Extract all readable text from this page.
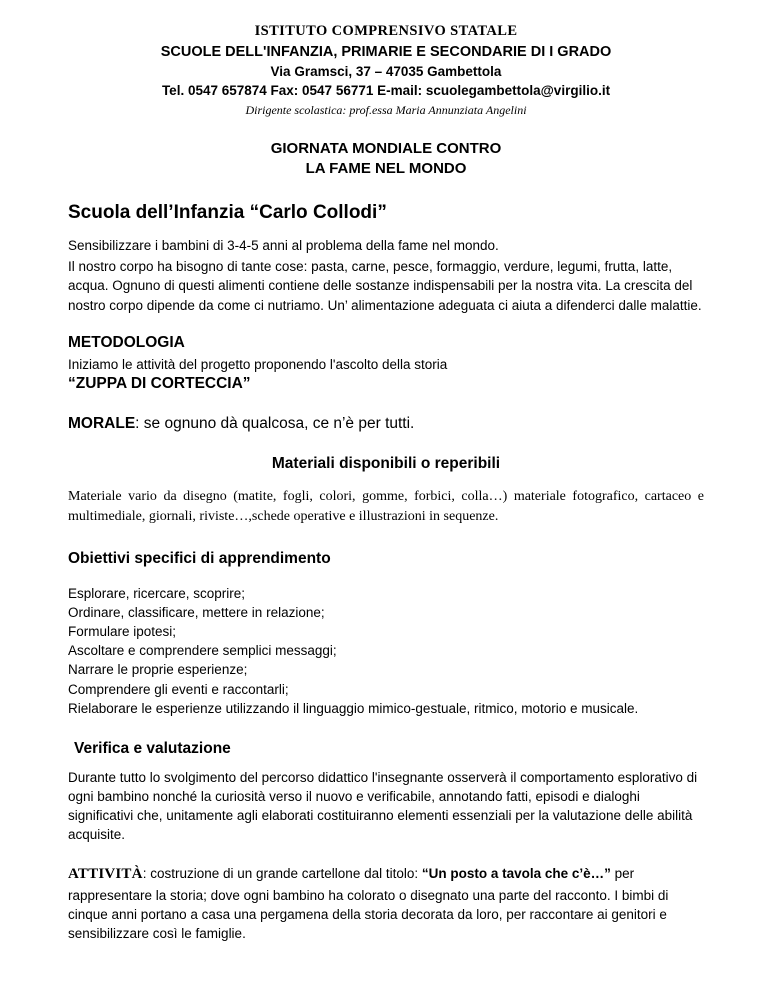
ISTITUTO COMPRENSIVO STATALE
SCUOLE DELL'INFANZIA, PRIMARIE E SECONDARIE DI I GRADO
Via Gramsci, 37 – 47035 Gambettola
Tel. 0547 657874 Fax: 0547 56771 E-mail: scuolegambettola@virgilio.it
Dirigente scolastica: prof.essa Maria Annunziata Angelini
GIORNATA MONDIALE CONTRO
LA FAME NEL MONDO
Scuola dell’Infanzia “Carlo Collodi”

Sensibilizzare i bambini di 3-4-5 anni al problema della fame nel mondo.

Il nostro corpo ha bisogno di tante cose: pasta, carne, pesce, formaggio, verdure, legumi, frutta, latte, acqua. Ognuno di questi alimenti contiene delle sostanze indispensabili per la nostra vita. La crescita del nostro corpo dipende da come ci nutriamo. Un’ alimentazione adeguata ci aiuta a difenderci dalle malattie.

METODOLOGIA

Iniziamo le attività del progetto proponendo l'ascolto della storia

“ZUPPA DI CORTECCIA”

MORALE: se ognuno dà qualcosa, ce n’è per tutti.

Materiali disponibili o reperibili

Materiale vario da disegno (matite, fogli, colori, gomme, forbici, colla…) materiale fotografico, cartaceo e multimediale, giornali, riviste…,schede operative e illustrazioni in sequenze.

Obiettivi specifici di apprendimento

Esplorare, ricercare, scoprire;
Ordinare, classificare, mettere in relazione;
Formulare ipotesi;
Ascoltare e comprendere semplici messaggi;
Narrare le proprie esperienze;
Comprendere gli eventi e raccontarli;
Rielaborare le esperienze utilizzando il linguaggio mimico-gestuale, ritmico, motorio e musicale.

Verifica e valutazione

Durante tutto lo svolgimento del percorso didattico l'insegnante osserverà il comportamento esplorativo di ogni bambino nonché la curiosità verso il nuovo e verificabile, annotando fatti, episodi e dialoghi significativi che, unitamente agli elaborati costituiranno elementi essenziali per la valutazione delle abilità acquisite.

ATTIVITÀ: costruzione di un grande cartellone dal titolo: “Un posto a tavola che c’è…” per rappresentare la storia; dove ogni bambino ha colorato o disegnato una parte del racconto. I bimbi di cinque anni portano a casa una pergamena della storia decorata da loro, per raccontare ai genitori e sensibilizzare così le famiglie.
